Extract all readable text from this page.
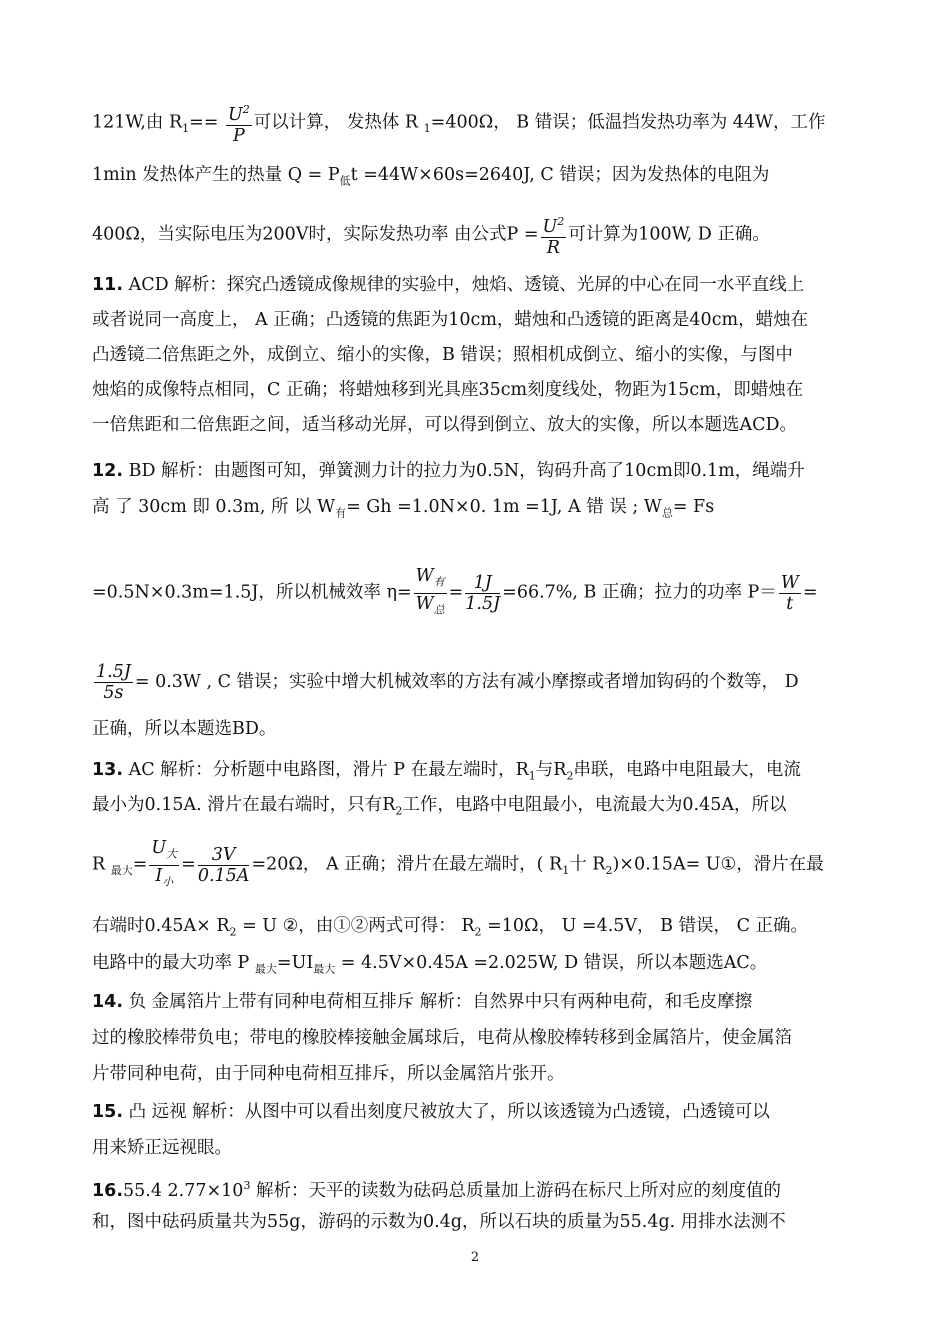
121W,由 $R_1== \frac{U^2}{P}$ 可以计算， 发热体 R $_1$=400Ω， B 错误；低温挡发热功率为 44W，工作
1min 发热体产生的热量 $Q = P_低t =44W\times 60s=2640J$, C 错误；因为发热体的电阻为
400Ω，当实际电压为200V时，实际发热功率 由公式$P = \frac{U^2}{R}$ 可计算为100W, D 正确。
11. ACD 解析：探究凸透镜成像规律的实验中，烛焰、透镜、光屏的中心在同一水平直线上
或者说同一高度上， A 正确；凸透镜的焦距为10cm，蜡烛和凸透镜的距离是40cm，蜡烛在
凸透镜二倍焦距之外，成倒立、缩小的实像，B 错误；照相机成倒立、缩小的实像，与图中
烛焰的成像特点相同，C 正确；将蜡烛移到光具座35cm刻度线处，物距为15cm，即蜡烛在
一倍焦距和二倍焦距之间，适当移动光屏，可以得到倒立、放大的实像，所以本题选ACD。
12. BD 解析：由题图可知，弹簧测力计的拉力为0.5N，钩码升高了10cm即0.1m，绳端升
高 了 30cm 即 0.3m, 所 以 $W_有= Gh =1.0N\times 0$. 1m =1J, A 错 误 ; $W_总= Fs$
=0.5N×0.3m=1.5J，所以机械效率 $\eta= \frac{W_有}{W_总} = \frac{1J}{1.5J} =66.7\%$, B 正确；拉力的功率 $P= \frac{W}{t}$ =
$\frac{1.5J}{5s} = 0.3W$ , C 错误；实验中增大机械效率的方法有减小摩擦或者增加钩码的个数等， D
正确，所以本题选BD。
13. AC 解析：分析题中电路图，滑片 P 在最左端时，$R_1$与$R_2$串联，电路中电阻最大，电流
最小为0.15A. 滑片在最右端时，只有$R_2$工作，电路中电阻最小，电流最大为0.45A，所以
R $_{最大}= \frac{U_大}{I_小} = \frac{3V}{0.15A} =20\Omega$， A 正确；滑片在最左端时，( $R_1$十 $R_2)\times 0.15A=$ U①，滑片在最
右端时$0.45A\times R_2 = U$ ②，由①②两式可得： $R_2 =10\Omega$， U =4.5V， B 错误， C 正确。
电路中的最大功率 P $_{最大}=UI_{最大} = 4.5V\times 0.45A =2.025W$, D 错误，所以本题选AC。
14. 负 金属箔片上带有同种电荷相互排斥 解析：自然界中只有两种电荷，和毛皮摩擦
过的橡胶棒带负电；带电的橡胶棒接触金属球后，电荷从橡胶棒转移到金属箔片，使金属箔
片带同种电荷，由于同种电荷相互排斥，所以金属箔片张开。
15. 凸 远视 解析：从图中可以看出刻度尺被放大了，所以该透镜为凸透镜，凸透镜可以
用来矫正远视眼。
16.55.4 $2.77\times 10^3$ 解析：天平的读数为砝码总质量加上游码在标尺上所对应的刻度值的
和，图中砝码质量共为55g，游码的示数为0.4g，所以石块的质量为55.4g. 用排水法测不
2
